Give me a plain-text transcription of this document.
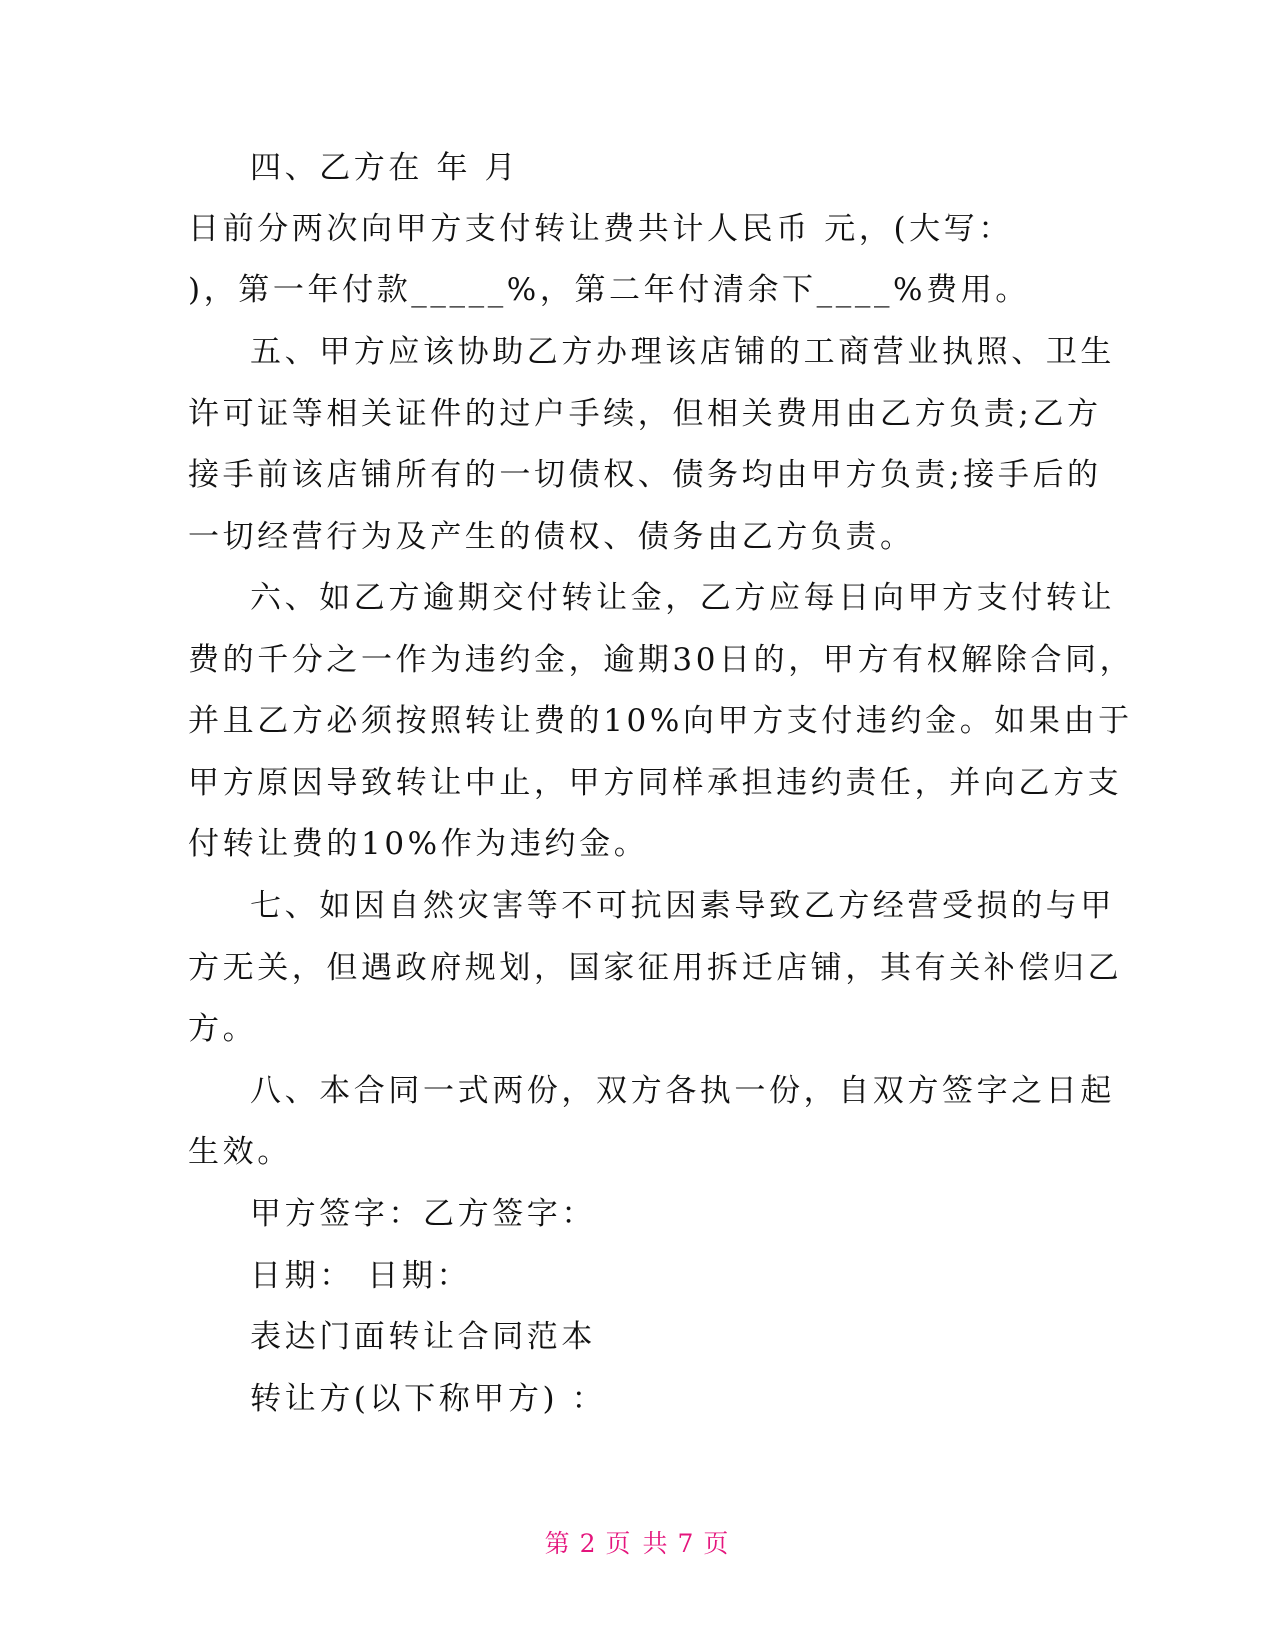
四、乙方在 年 月
日前分两次向甲方支付转让费共计人民币 元，(大写：
)，第一年付款_____%，第二年付清余下____%费用。
五、甲方应该协助乙方办理该店铺的工商营业执照、卫生
许可证等相关证件的过户手续，但相关费用由乙方负责;乙方
接手前该店铺所有的一切债权、债务均由甲方负责;接手后的
一切经营行为及产生的债权、债务由乙方负责。
六、如乙方逾期交付转让金，乙方应每日向甲方支付转让
费的千分之一作为违约金，逾期30日的，甲方有权解除合同，
并且乙方必须按照转让费的10%向甲方支付违约金。如果由于
甲方原因导致转让中止，甲方同样承担违约责任，并向乙方支
付转让费的10%作为违约金。
七、如因自然灾害等不可抗因素导致乙方经营受损的与甲
方无关，但遇政府规划，国家征用拆迁店铺，其有关补偿归乙
方。
八、本合同一式两份，双方各执一份，自双方签字之日起
生效。
甲方签字：乙方签字：
日期： 日期：
表达门面转让合同范本
转让方(以下称甲方) ：
第 2 页 共 7 页
